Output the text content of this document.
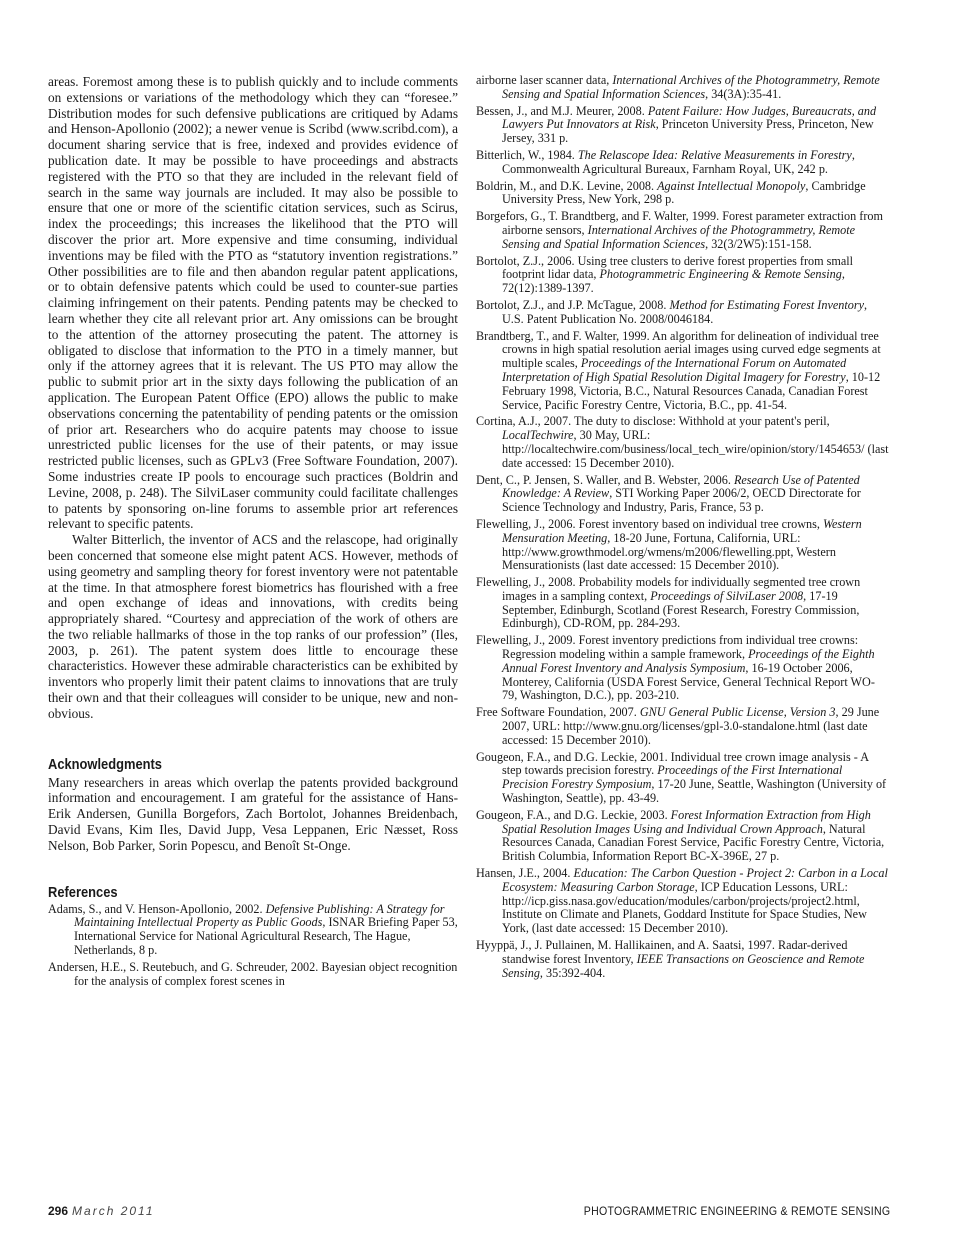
areas. Foremost among these is to publish quickly and to include comments on extensions or variations of the methodology which they can “foresee.” Distribution modes for such defensive publications are critiqued by Adams and Henson-Apollonio (2002); a newer venue is Scribd (www.scribd.com), a document sharing service that is free, indexed and provides evidence of publication date. It may be possible to have proceedings and abstracts registered with the PTO so that they are included in the relevant field of search in the same way journals are included. It may also be possible to ensure that one or more of the scientific citation services, such as Scirus, index the proceedings; this increases the likelihood that the PTO will discover the prior art. More expensive and time consuming, individual inventions may be filed with the PTO as “statutory invention registrations.” Other possibilities are to file and then abandon regular patent applications, or to obtain defensive patents which could be used to counter-sue parties claiming infringement on their patents. Pending patents may be checked to learn whether they cite all relevant prior art. Any omissions can be brought to the attention of the attorney prosecuting the patent. The attorney is obligated to disclose that information to the PTO in a timely manner, but only if the attorney agrees that it is relevant. The US PTO may allow the public to submit prior art in the sixty days following the publication of an application. The European Patent Office (EPO) allows the public to make observations concerning the patentability of pending patents or the omission of prior art. Researchers who do acquire patents may choose to issue unrestricted public licenses for the use of their patents, or may issue restricted public licenses, such as GPLv3 (Free Software Foundation, 2007). Some industries create IP pools to encourage such practices (Boldrin and Levine, 2008, p. 248). The SilviLaser community could facilitate challenges to patents by sponsoring on-line forums to assemble prior art references relevant to specific patents.

Walter Bitterlich, the inventor of ACS and the relascope, had originally been concerned that someone else might patent ACS. However, methods of using geometry and sampling theory for forest inventory were not patentable at the time. In that atmosphere forest biometrics has flourished with a free and open exchange of ideas and innovations, with credits being appropriately shared. “Courtesy and appreciation of the work of others are the two reliable hallmarks of those in the top ranks of our profession” (Iles, 2003, p. 261). The patent system does little to encourage these characteristics. However these admirable characteristics can be exhibited by inventors who properly limit their patent claims to innovations that are truly their own and that their colleagues will consider to be unique, new and non-obvious.

Acknowledgments

Many researchers in areas which overlap the patents provided background information and encouragement. I am grateful for the assistance of Hans-Erik Andersen, Gunilla Borgefors, Zach Bortolot, Johannes Breidenbach, David Evans, Kim Iles, David Jupp, Vesa Leppanen, Eric Næsset, Ross Nelson, Bob Parker, Sorin Popescu, and Benoît St-Onge.

References

Adams, S., and V. Henson-Apollonio, 2002. Defensive Publishing: A Strategy for Maintaining Intellectual Property as Public Goods, ISNAR Briefing Paper 53, International Service for National Agricultural Research, The Hague, Netherlands, 8 p.

Andersen, H.E., S. Reutebuch, and G. Schreuder, 2002. Bayesian object recognition for the analysis of complex forest scenes in

airborne laser scanner data, International Archives of the Photogrammetry, Remote Sensing and Spatial Information Sciences, 34(3A):35-41.

Bessen, J., and M.J. Meurer, 2008. Patent Failure: How Judges, Bureaucrats, and Lawyers Put Innovators at Risk, Princeton University Press, Princeton, New Jersey, 331 p.

Bitterlich, W., 1984. The Relascope Idea: Relative Measurements in Forestry, Commonwealth Agricultural Bureaux, Farnham Royal, UK, 242 p.

Boldrin, M., and D.K. Levine, 2008. Against Intellectual Monopoly, Cambridge University Press, New York, 298 p.

Borgefors, G., T. Brandtberg, and F. Walter, 1999. Forest parameter extraction from airborne sensors, International Archives of the Photogrammetry, Remote Sensing and Spatial Information Sciences, 32(3/2W5):151-158.

Bortolot, Z.J., 2006. Using tree clusters to derive forest properties from small footprint lidar data, Photogrammetric Engineering & Remote Sensing, 72(12):1389-1397.

Bortolot, Z.J., and J.P. McTague, 2008. Method for Estimating Forest Inventory, U.S. Patent Publication No. 2008/0046184.

Brandtberg, T., and F. Walter, 1999. An algorithm for delineation of individual tree crowns in high spatial resolution aerial images using curved edge segments at multiple scales, Proceedings of the International Forum on Automated Interpretation of High Spatial Resolution Digital Imagery for Forestry, 10-12 February 1998, Victoria, B.C., Natural Resources Canada, Canadian Forest Service, Pacific Forestry Centre, Victoria, B.C., pp. 41-54.

Cortina, A.J., 2007. The duty to disclose: Withhold at your patent's peril, LocalTechwire, 30 May, URL: http://localtechwire.com/business/local_tech_wire/opinion/story/1454653/ (last date accessed: 15 December 2010).

Dent, C., P. Jensen, S. Waller, and B. Webster, 2006. Research Use of Patented Knowledge: A Review, STI Working Paper 2006/2, OECD Directorate for Science Technology and Industry, Paris, France, 53 p.

Flewelling, J., 2006. Forest inventory based on individual tree crowns, Western Mensuration Meeting, 18-20 June, Fortuna, California, URL: http://www.growthmodel.org/wmens/m2006/flewelling.ppt, Western Mensurationists (last date accessed: 15 December 2010).

Flewelling, J., 2008. Probability models for individually segmented tree crown images in a sampling context, Proceedings of SilviLaser 2008, 17-19 September, Edinburgh, Scotland (Forest Research, Forestry Commission, Edinburgh), CD-ROM, pp. 284-293.

Flewelling, J., 2009. Forest inventory predictions from individual tree crowns: Regression modeling within a sample framework, Proceedings of the Eighth Annual Forest Inventory and Analysis Symposium, 16-19 October 2006, Monterey, California (USDA Forest Service, General Technical Report WO-79, Washington, D.C.), pp. 203-210.

Free Software Foundation, 2007. GNU General Public License, Version 3, 29 June 2007, URL: http://www.gnu.org/licenses/gpl-3.0-standalone.html (last date accessed: 15 December 2010).

Gougeon, F.A., and D.G. Leckie, 2001. Individual tree crown image analysis - A step towards precision forestry. Proceedings of the First International Precision Forestry Symposium, 17-20 June, Seattle, Washington (University of Washington, Seattle), pp. 43-49.

Gougeon, F.A., and D.G. Leckie, 2003. Forest Information Extraction from High Spatial Resolution Images Using and Individual Crown Approach, Natural Resources Canada, Canadian Forest Service, Pacific Forestry Centre, Victoria, British Columbia, Information Report BC-X-396E, 27 p.

Hansen, J.E., 2004. Education: The Carbon Question - Project 2: Carbon in a Local Ecosystem: Measuring Carbon Storage, ICP Education Lessons, URL: http://icp.giss.nasa.gov/education/modules/carbon/projects/project2.html, Institute on Climate and Planets, Goddard Institute for Space Studies, New York, (last date accessed: 15 December 2010).

Hyyppä, J., J. Pullainen, M. Hallikainen, and A. Saatsi, 1997. Radar-derived standwise forest Inventory, IEEE Transactions on Geoscience and Remote Sensing, 35:392-404.

296 March 2011	PHOTOGRAMMETRIC ENGINEERING & REMOTE SENSING
